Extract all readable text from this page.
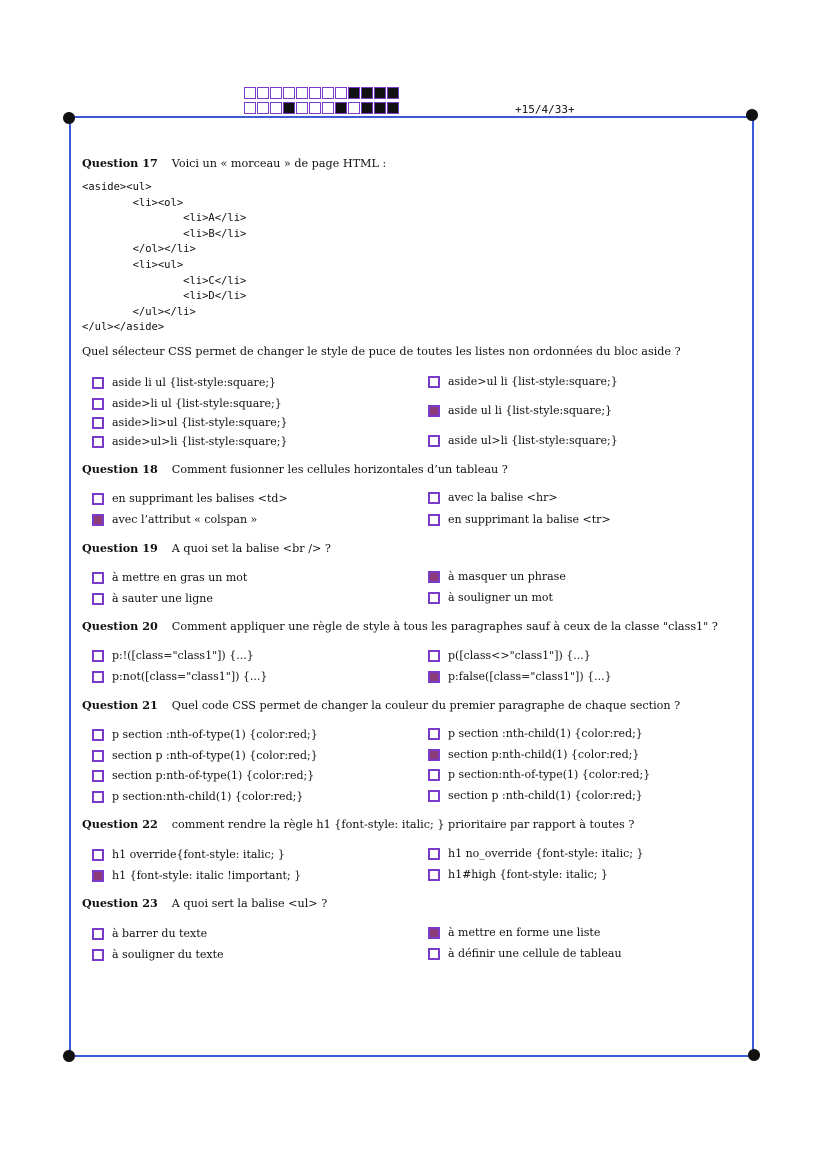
+15/4/33+
Question 17 Voici un « morceau » de page HTML :
<aside><ul>
<li><ol>
<li>A</li>
<li>B</li>
</ol></li>
<li><ul>
<li>C</li>
<li>D</li>
</ul></li>
</ul></aside>
Quel sélecteur CSS permet de changer le style de puce de toutes les listes non ordonnées du bloc aside ?
aside li ul {list-style:square;}
aside>li ul {list-style:square;}
aside>li>ul {list-style:square;}
aside>ul>li {list-style:square;}
aside>ul li {list-style:square;}
aside ul li {list-style:square;}
aside ul>li {list-style:square;}
en supprimant les balises <td>
avec l’attribut « colspan »
avec la balise <hr>
en supprimant la balise <tr>
à mettre en gras un mot
à sauter une ligne
à masquer un phrase
à souligner un mot
p:!([class="class1"]) {...}
p:not([class="class1"]) {...}
p([class<>"class1"]) {...}
p:false([class="class1"]) {...}
p section :nth-of-type(1) {color:red;}
section p :nth-of-type(1) {color:red;}
section p:nth-of-type(1) {color:red;}
p section:nth-child(1) {color:red;}
p section :nth-child(1) {color:red;}
section p:nth-child(1) {color:red;}
p section:nth-of-type(1) {color:red;}
section p :nth-child(1) {color:red;}
h1 override{font-style: italic; }
h1 {font-style: italic !important; }
h1 no_override {font-style: italic; }
h1#high {font-style: italic; }
à barrer du texte
à souligner du texte
à mettre en forme une liste
à définir une cellule de tableau
Question 18 Comment fusionner les cellules horizontales d’un tableau ?
Question 19 A quoi set la balise <br /> ?
Question 20 Comment appliquer une règle de style à tous les paragraphes sauf à ceux de la classe "class1" ?
Question 21 Quel code CSS permet de changer la couleur du premier paragraphe de chaque section ?
Question 22 comment rendre la règle h1 {font-style: italic; } prioritaire par rapport à toutes ?
Question 23 A quoi sert la balise <ul> ?
